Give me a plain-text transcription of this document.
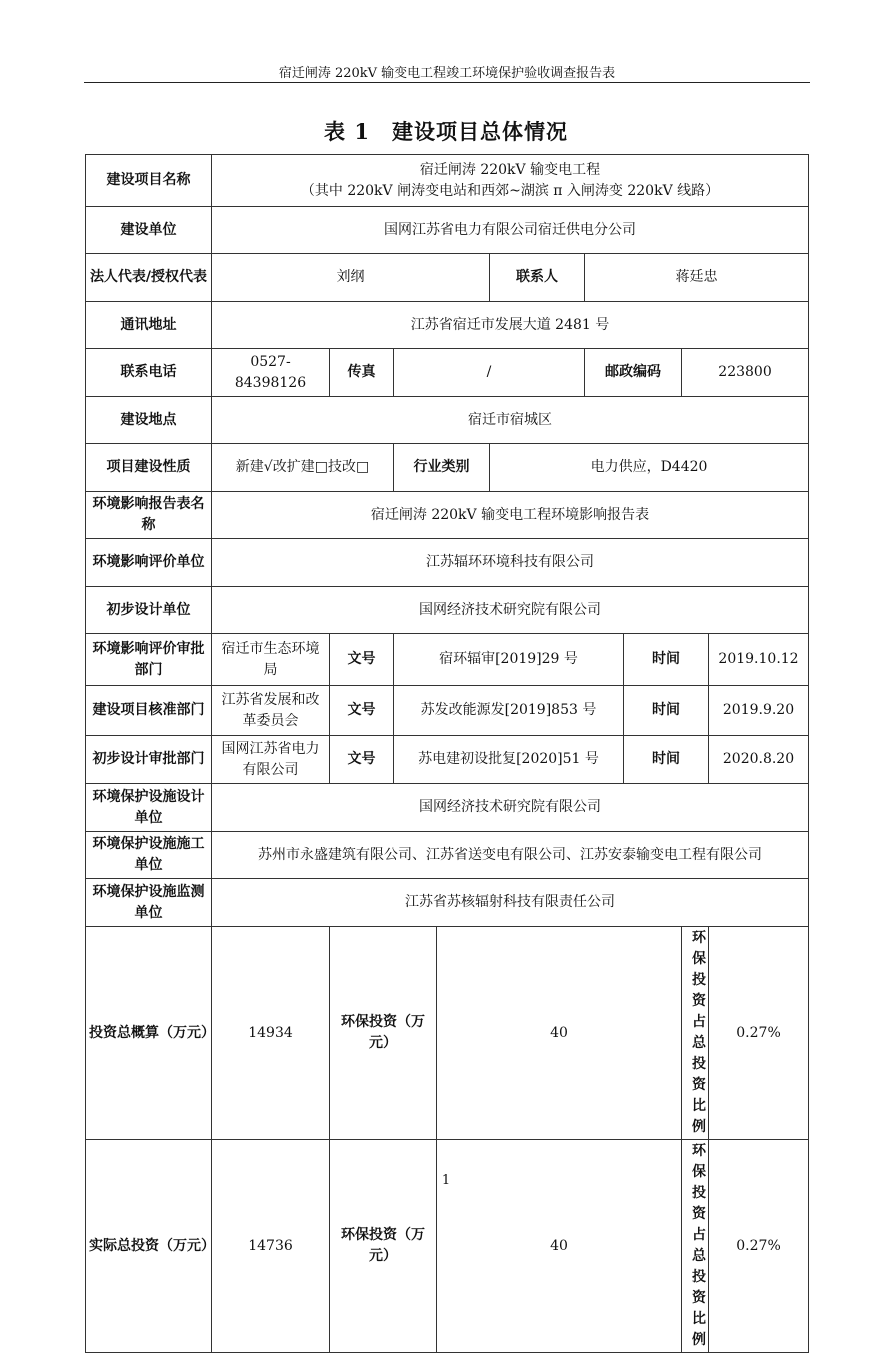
宿迁闸涛 220kV 输变电工程竣工环境保护验收调查报告表
表 1 建设项目总体情况
建设项目名称	宿迁闸涛 220kV 输变电工程
（其中 220kV 闸涛变电站和西郊~湖滨 π 入闸涛变 220kV 线路）								

建设单位	国网江苏省电力有限公司宿迁供电分公司								
法人代表/授权代表	刘纲				联系人	蒋廷忠			
通讯地址	江苏省宿迁市发展大道 2481 号								
联系电话	0527-84398126	传真	/			邮政编码		223800	
建设地点	宿迁市宿城区								
项目建设性质	新建√改扩建□技改□		行业类别		电力供应，D4420				
环境影响报告表名称	宿迁闸涛 220kV 输变电工程环境影响报告表								
环境影响评价单位	江苏辐环环境科技有限公司								
初步设计单位	国网经济技术研究院有限公司								
环境影响评价审批部门	宿迁市生态环境局	文号	宿环辐审[2019]29 号				时间		2019.10.12
建设项目核准部门	江苏省发展和改革委员会	文号	苏发改能源发[2019]853 号				时间		2019.9.20
初步设计审批部门	国网江苏省电力有限公司	文号	苏电建初设批复[2020]51 号				时间		2020.8.20
环境保护设施设计单位	国网经济技术研究院有限公司								
环境保护设施施工单位	苏州市永盛建筑有限公司、江苏省送变电有限公司、江苏安泰输变电工程有限公司								
环境保护设施监测单位	江苏省苏核辐射科技有限责任公司								
投资总概算（万元）	14934	环保投资（万元）		40				环保投资占总投资比例	0.27%
实际总投资（万元）	14736	环保投资（万元）		40				环保投资占总投资比例	0.27%
1
